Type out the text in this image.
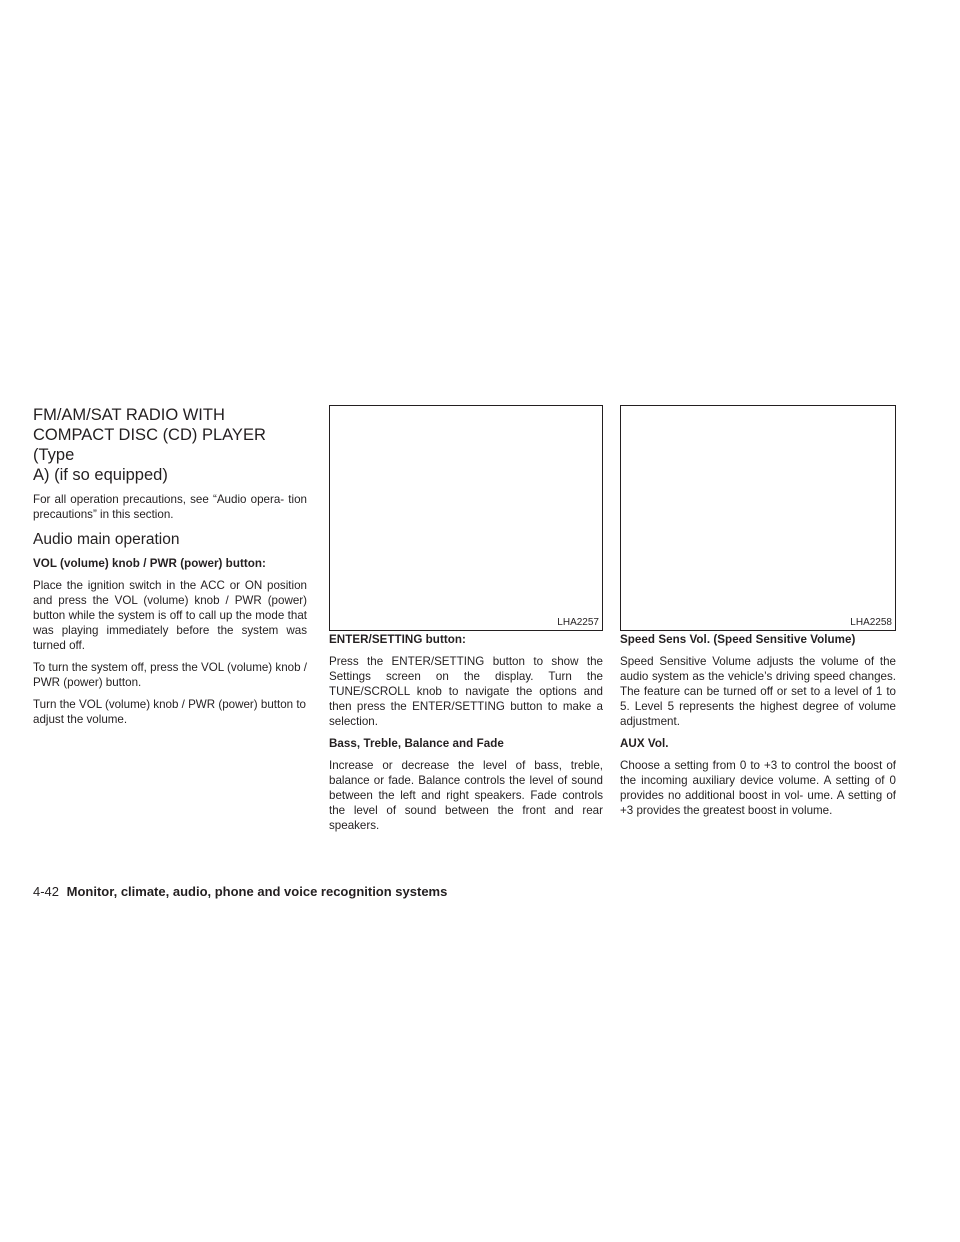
FM/AM/SAT RADIO WITH
COMPACT DISC (CD) PLAYER (Type
A) (if so equipped)

For all operation precautions, see “Audio opera- tion precautions” in this section.

Audio main operation
VOL (volume) knob / PWR (power) button:

Place the ignition switch in the ACC or ON position and press the VOL (volume) knob / PWR (power) button while the system is off to call up the mode that was playing immediately before the system was turned off.

To turn the system off, press the VOL (volume) knob / PWR (power) button.

Turn the VOL (volume) knob / PWR (power) button to adjust the volume.

LHA2257
ENTER/SETTING button:

Press the ENTER/SETTING button to show the Settings screen on the display. Turn the TUNE/SCROLL knob to navigate the options and then press the ENTER/SETTING button to make a selection.

Bass, Treble, Balance and Fade

Increase or decrease the level of bass, treble, balance or fade. Balance controls the level of sound between the left and right speakers. Fade controls the level of sound between the front and rear speakers.

LHA2258
Speed Sens Vol. (Speed Sensitive Volume)

Speed Sensitive Volume adjusts the volume of the audio system as the vehicle’s driving speed changes. The feature can be turned off or set to a level of 1 to 5. Level 5 represents the highest degree of volume adjustment.

AUX Vol.

Choose a setting from 0 to +3 to control the boost of the incoming auxiliary device volume. A setting of 0 provides no additional boost in vol- ume. A setting of +3 provides the greatest boost in volume.

4-42 Monitor, climate, audio, phone and voice recognition systems
